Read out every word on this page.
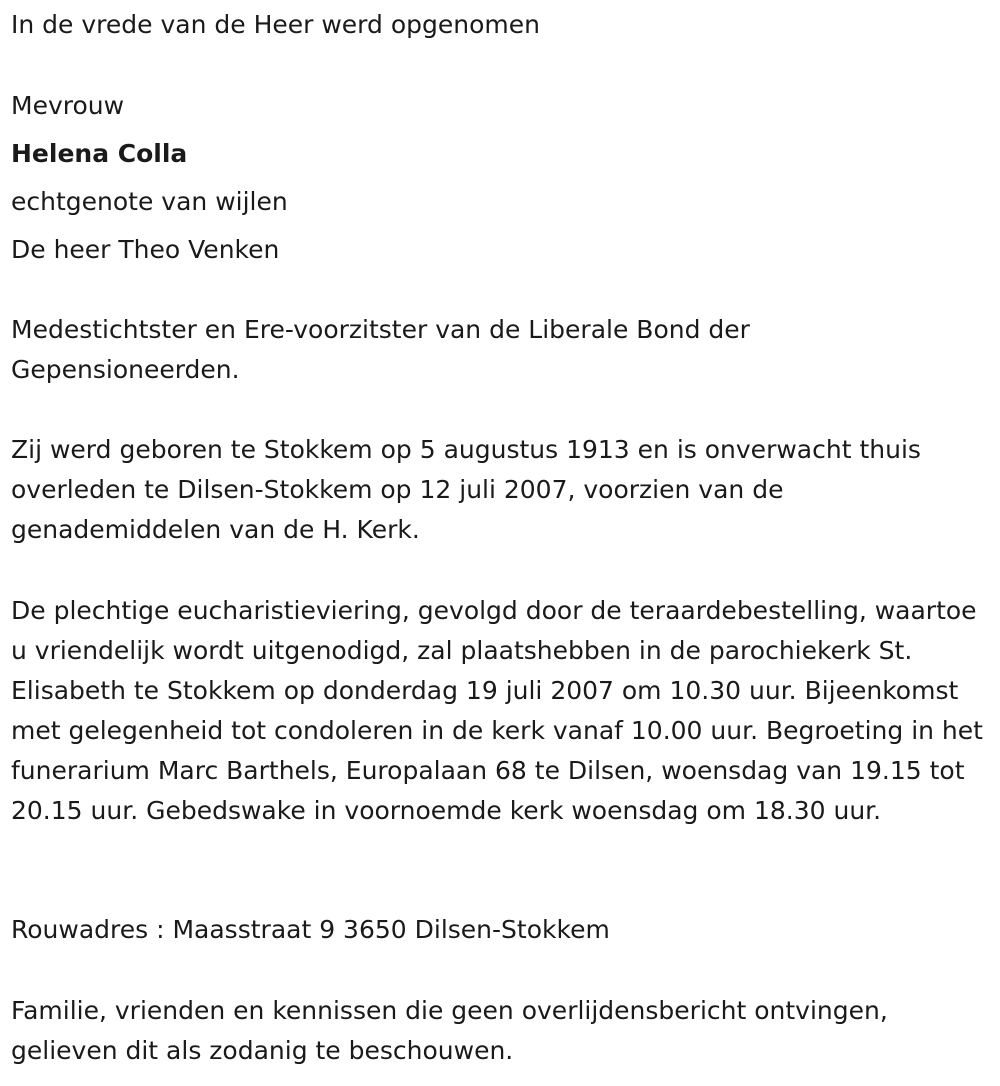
In de vrede van de Heer werd opgenomen
Mevrouw
Helena Colla
echtgenote van wijlen
De heer Theo Venken
Medestichtster en Ere-voorzitster van de Liberale Bond der Gepensioneerden.
Zij werd geboren te Stokkem op 5 augustus 1913 en is onverwacht thuis overleden te Dilsen-Stokkem op 12 juli 2007, voorzien van de genademiddelen van de H. Kerk.
De plechtige eucharistieviering, gevolgd door de teraardebestelling, waartoe u vriendelijk wordt uitgenodigd, zal plaatshebben in de parochiekerk St. Elisabeth te Stokkem op donderdag 19 juli 2007 om 10.30 uur. Bijeenkomst met gelegenheid tot condoleren in de kerk vanaf 10.00 uur. Begroeting in het funerarium Marc Barthels, Europalaan 68 te Dilsen, woensdag van 19.15 tot 20.15 uur. Gebedswake in voornoemde kerk woensdag om 18.30 uur.
Rouwadres : Maasstraat 9 3650 Dilsen-Stokkem
Familie, vrienden en kennissen die geen overlijdensbericht ontvingen, gelieven dit als zodanig te beschouwen.
